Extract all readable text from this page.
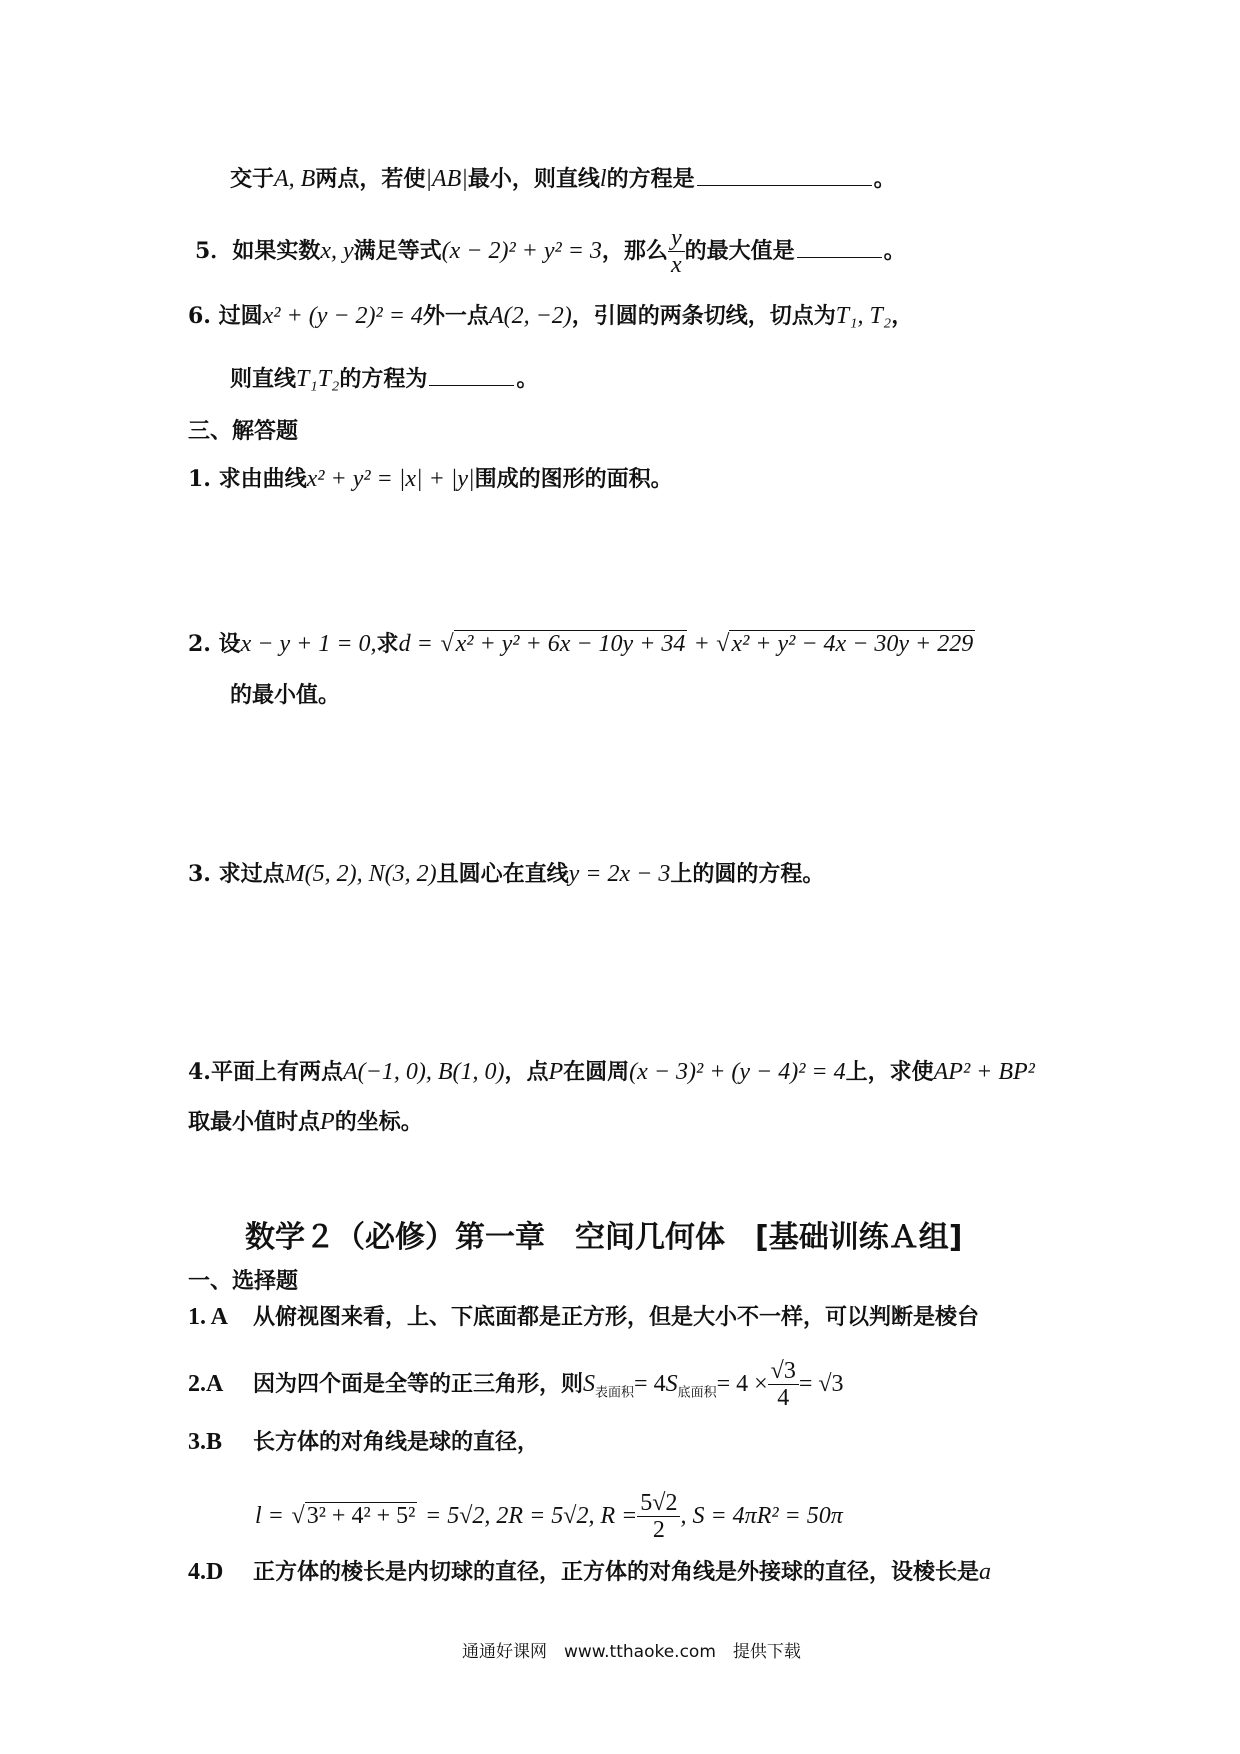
交于A, B两点，若使|AB|最小，则直线l的方程是	。
5．如果实数x, y满足等式(x − 2)² + y² = 3，那么 $\frac{y}{x}$ 的最大值是	。
6. 过圆x² + (y − 2)² = 4外一点A(2, −2)，引圆的两条切线，切点为T₁, T₂，
则直线T₁T₂的方程为	。
三、解答题
1. 求由曲线x² + y² = |x| + |y|围成的图形的面积。
2. 设x − y + 1 = 0,求d = √x² + y² + 6x − 10y + 34 + √x² + y² − 4x − 30y + 229
的最小值。
3. 求过点M(5, 2), N(3, 2)且圆心在直线y = 2x − 3上的圆的方程。
4.平面上有两点A(−1, 0), B(1, 0)，点P在圆周(x − 3)² + (y − 4)² = 4上，求使AP² + BP²
取最小值时点P的坐标。
数学２（必修）第一章　空间几何体　[基础训练Ａ组]
一、选择题
1. A 从俯视图来看，上、下底面都是正方形，但是大小不一样，可以判断是棱台
2.A 因为四个面是全等的正三角形，则$S_{表面积}= 4S_{底面积}= 4 \times \frac{√3}{4} = √3$
3.B 长方体的对角线是球的直径，
l = √3² + 4² + 5² = 5√2, 2R = 5√2, $R = \frac{5√2}{2}$ , S = 4πR² = 50π
4.D 正方体的棱长是内切球的直径，正方体的对角线是外接球的直径，设棱长是a
通通好课网　www.tthaoke.com　提供下载
